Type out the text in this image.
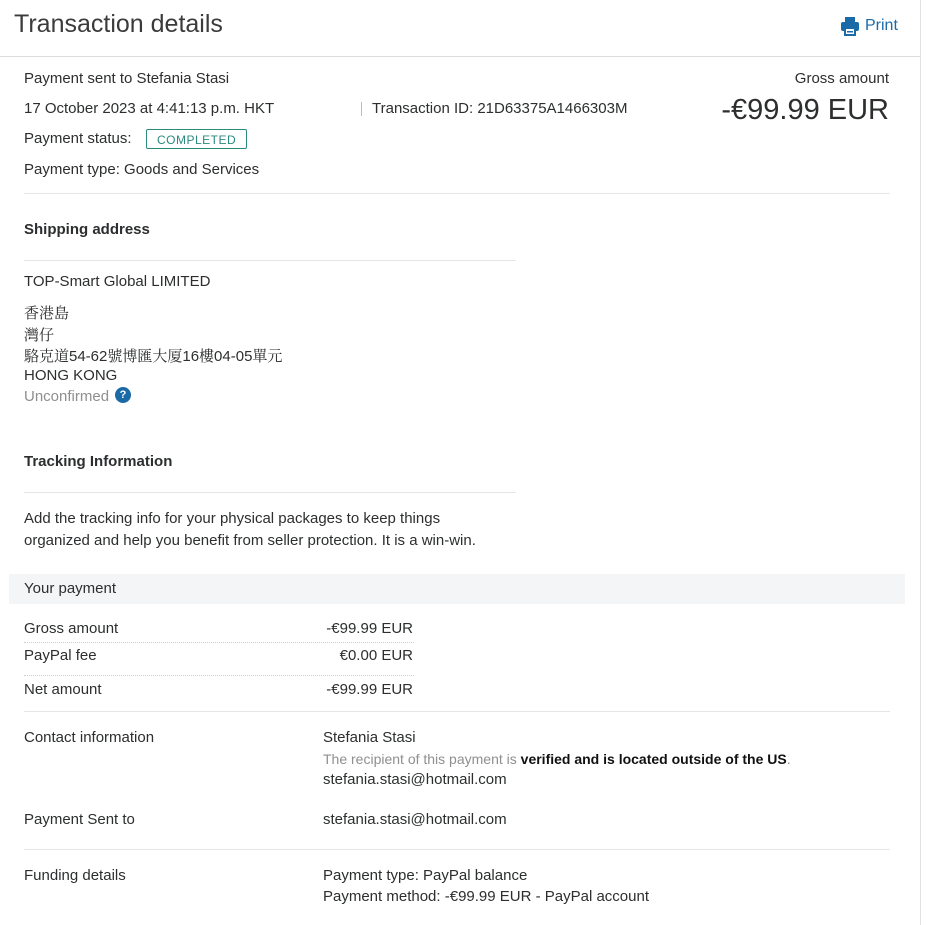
Transaction details	Print
Payment sent to Stefania Stasi
17 October 2023 at 4:41:13 p.m. HKT	Transaction ID: 21D63375A1466303M
Payment status:	COMPLETED
Payment type: Goods and Services
Gross amount
-€99.99 EUR
Shipping address
TOP-Smart Global LIMITED
香港島
灣仔
駱克道54-62號博匯大厦16樓04-05單元
HONG KONG
Unconfirmed ?
Tracking Information
Add the tracking info for your physical packages to keep things
organized and help you benefit from seller protection. It is a win-win.
Your payment
Gross amount	-€99.99 EUR
PayPal fee	€0.00 EUR
Net amount	-€99.99 EUR
Contact information	Stefania Stasi
The recipient of this payment is verified and is located outside of the US.
stefania.stasi@hotmail.com
Payment Sent to	stefania.stasi@hotmail.com
Funding details	Payment type: PayPal balance
Payment method: -€99.99 EUR - PayPal account
